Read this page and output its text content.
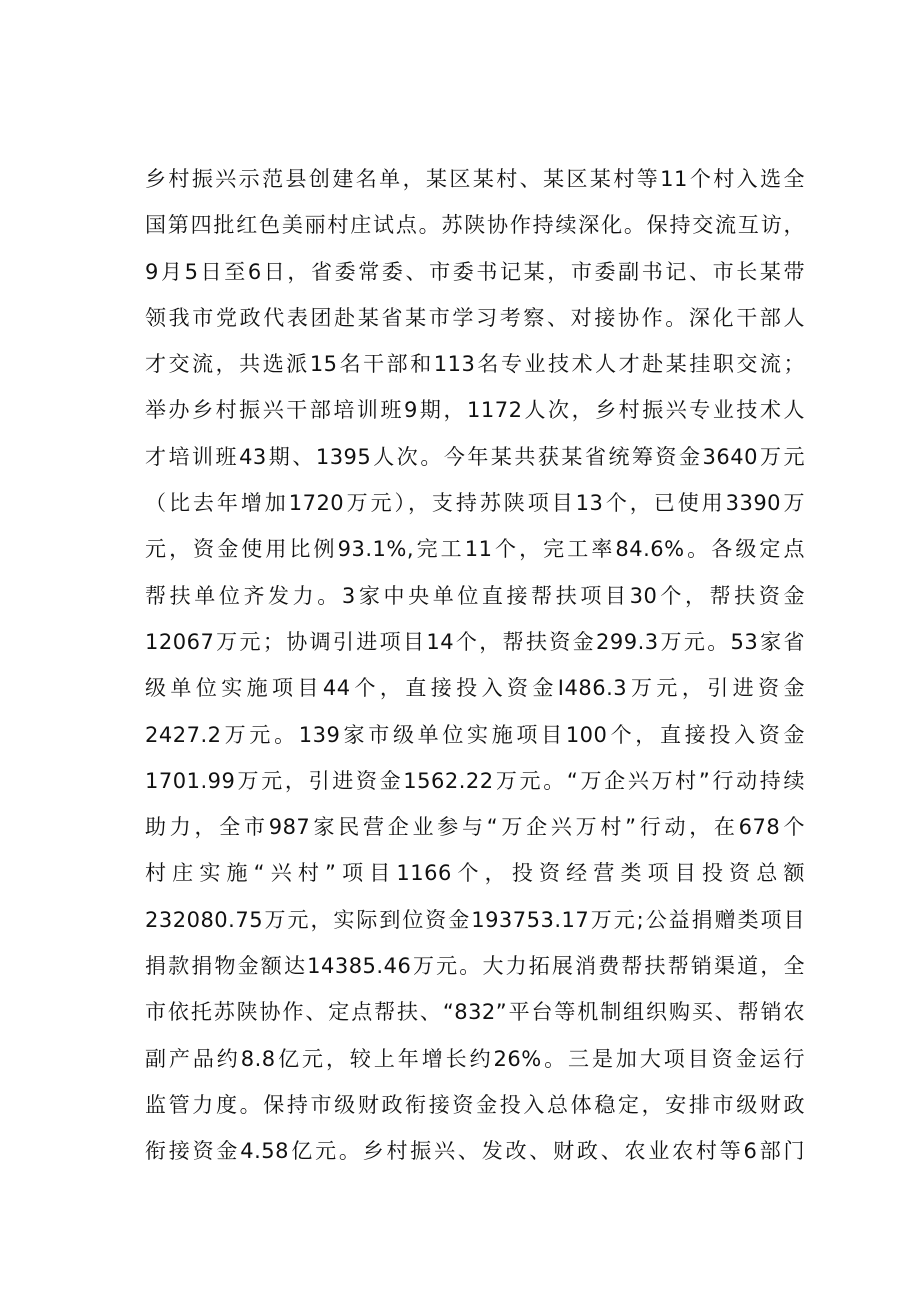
乡村振兴示范县创建名单，某区某村、某区某村等11个村入选全
国第四批红色美丽村庄试点。苏陕协作持续深化。保持交流互访，
9月5日至6日，省委常委、市委书记某，市委副书记、市长某带
领我市党政代表团赴某省某市学习考察、对接协作。深化干部人
才交流，共选派15名干部和113名专业技术人才赴某挂职交流；
举办乡村振兴干部培训班9期，1172人次，乡村振兴专业技术人
才培训班43期、1395人次。今年某共获某省统筹资金3640万元
（比去年增加1720万元），支持苏陕项目13个，已使用3390万
元，资金使用比例93.1%,完工11个，完工率84.6%。各级定点
帮扶单位齐发力。3家中央单位直接帮扶项目30个，帮扶资金
12067万元；协调引进项目14个，帮扶资金299.3万元。53家省
级单位实施项目44个，直接投入资金I486.3万元，引进资金
2427.2万元。139家市级单位实施项目100个，直接投入资金
1701.99万元，引进资金1562.22万元。“万企兴万村”行动持续
助力，全市987家民营企业参与“万企兴万村”行动，在678个
村庄实施“兴村”项目1166个，投资经营类项目投资总额
232080.75万元，实际到位资金193753.17万元;公益捐赠类项目
捐款捐物金额达14385.46万元。大力拓展消费帮扶帮销渠道，全
市依托苏陕协作、定点帮扶、“832”平台等机制组织购买、帮销农
副产品约8.8亿元，较上年增长约26%。三是加大项目资金运行
监管力度。保持市级财政衔接资金投入总体稳定，安排市级财政
衔接资金4.58亿元。乡村振兴、发改、财政、农业农村等6部门
